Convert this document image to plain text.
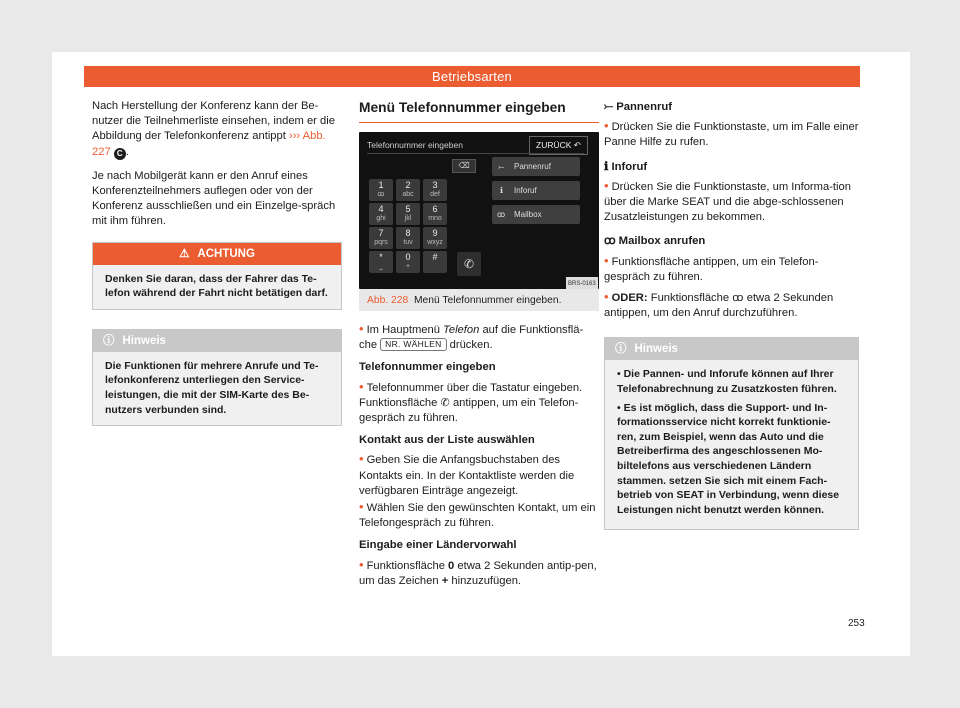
Betriebsarten
Nach Herstellung der Konferenz kann der Be-nutzer die Teilnehmerliste einsehen, indem er die Abbildung der Telefonkonferenz antippt ››› Abb. 227 C .
Je nach Mobilgerät kann er den Anruf eines Konferenzteilnehmers auflegen oder von der Konferenz ausschließen und ein Einzelge-spräch mit ihm führen.
⚠ ACHTUNG
Denken Sie daran, dass der Fahrer das Te-lefon während der Fahrt nicht betätigen darf.
ⓘ Hinweis
Die Funktionen für mehrere Anrufe und Te-lefonkonferenz unterliegen den Service-leistungen, die mit der SIM-Karte des Be-nutzers verbunden sind.
Menü Telefonnummer eingeben
Telefonnummer eingeben	ZURÜCK ↶
⌫
1
ꝏ
2
abc
3
def
4
ghi
5
jkl
6
mno
7
pqrs
8
tuv
9
wxyz
*
⎵
0
+
#	✆
Pannenruf
Inforuf
Mailbox
⤚
ℹ
ꝏ
BRS-0163
Abb. 228 Menü Telefonnummer eingeben.
• Im Hauptmenü Telefon auf die Funktionsflä-che NR. WÄHLEN drücken.
Telefonnummer eingeben
• Telefonnummer über die Tastatur eingeben. Funktionsfläche ✆ antippen, um ein Telefon-gespräch zu führen.
Kontakt aus der Liste auswählen
• Geben Sie die Anfangsbuchstaben des Kontakts ein. In der Kontaktliste werden die verfügbaren Einträge angezeigt.
• Wählen Sie den gewünschten Kontakt, um ein Telefongespräch zu führen.
Eingabe einer Ländervorwahl
• Funktionsfläche 0 etwa 2 Sekunden antip-pen, um das Zeichen + hinzuzufügen.
⤚ Pannenruf
• Drücken Sie die Funktionstaste, um im Falle einer Panne Hilfe zu rufen.
ℹ Inforuf
• Drücken Sie die Funktionstaste, um Informa-tion über die Marke SEAT und die abge-schlossenen Zusatzleistungen zu bekommen.
ꝏ Mailbox anrufen
• Funktionsfläche antippen, um ein Telefon-gespräch zu führen.
• ODER: Funktionsfläche ꝏ etwa 2 Sekunden antippen, um den Anruf durchzuführen.
ⓘ Hinweis
• Die Pannen- und Inforufe können auf Ihrer Telefonabrechnung zu Zusatzkosten führen.
• Es ist möglich, dass die Support- und In-formationsservice nicht korrekt funktionie-ren, zum Beispiel, wenn das Auto und die Betreiberfirma des angeschlossenen Mo-biltelefons aus verschiedenen Ländern stammen. setzen Sie sich mit einem Fach-betrieb von SEAT in Verbindung, wenn diese Leistungen nicht benutzt werden können.
253
